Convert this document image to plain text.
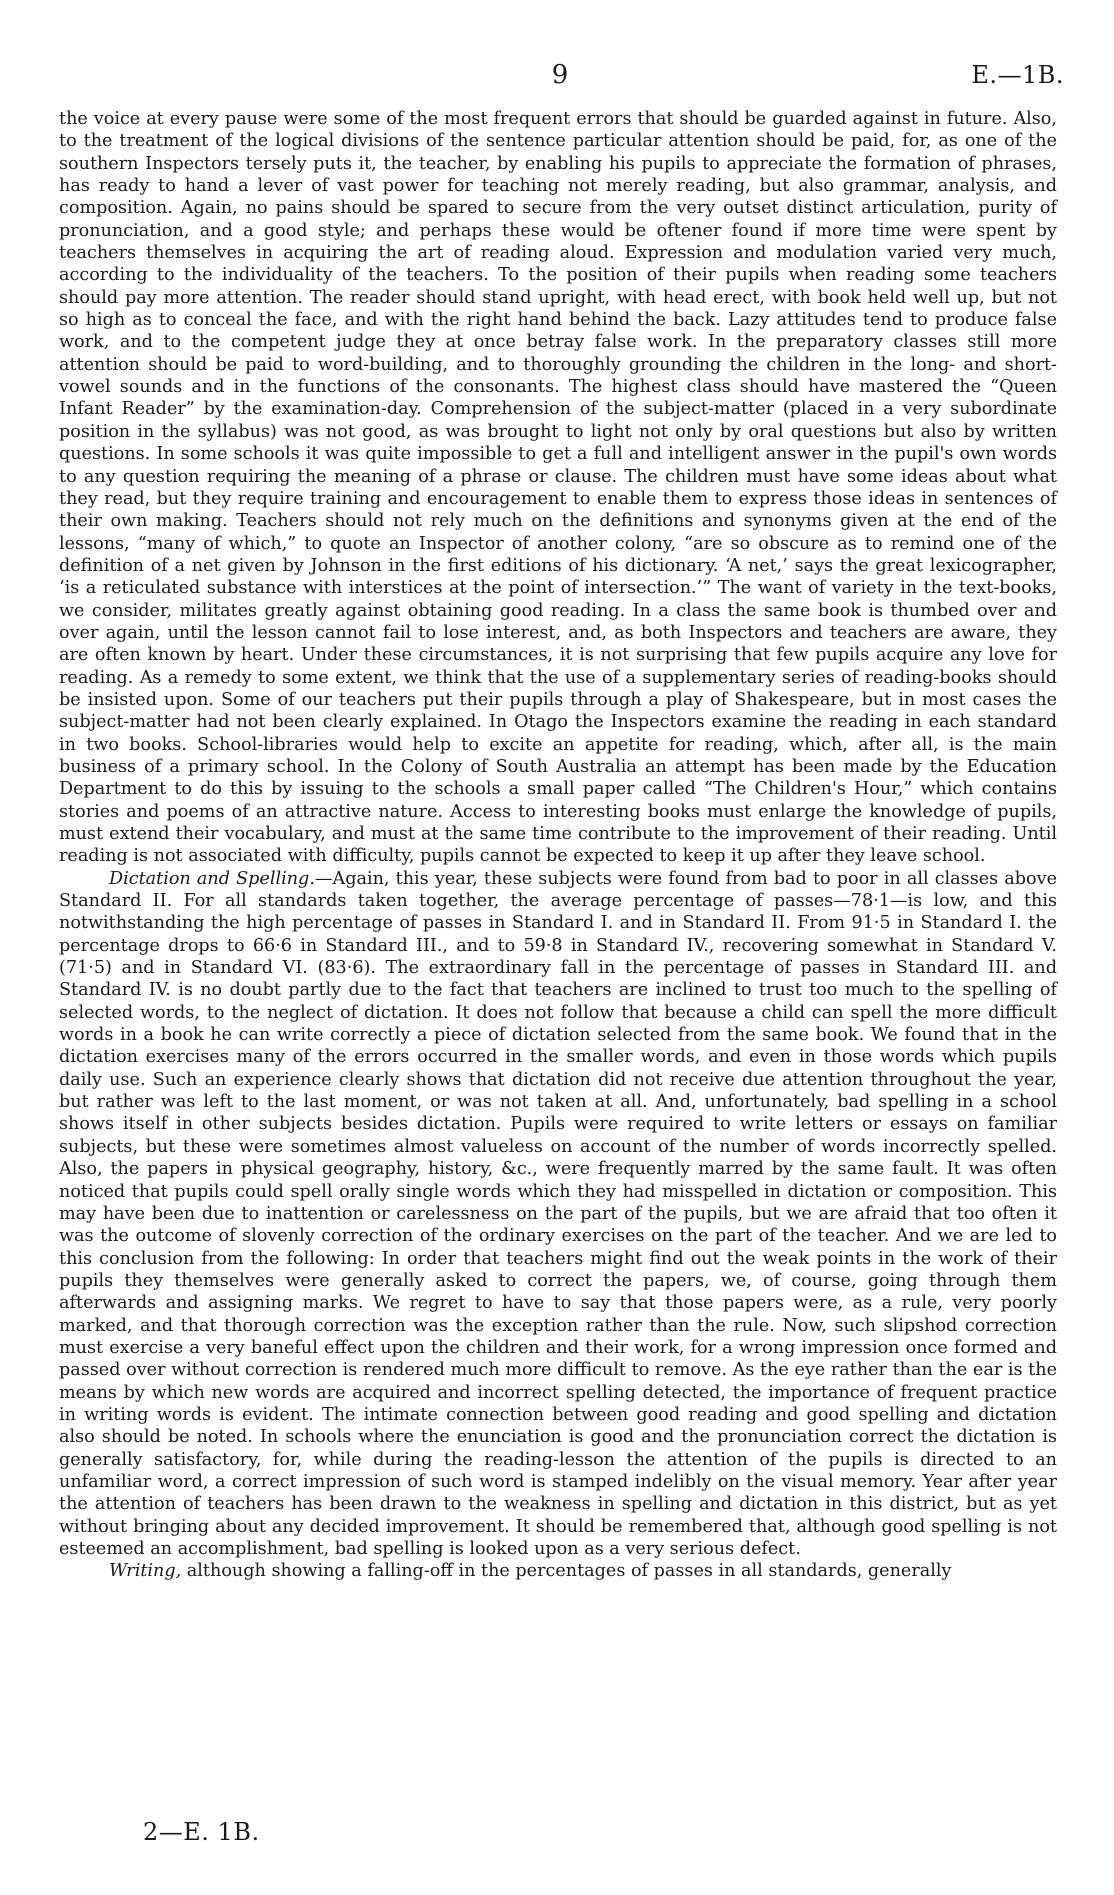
9	E.—1B.

the voice at every pause were some of the most frequent errors that should be guarded against in future. Also, to the treatment of the logical divisions of the sentence particular attention should be paid, for, as one of the southern Inspectors tersely puts it, the teacher, by enabling his pupils to appreciate the formation of phrases, has ready to hand a lever of vast power for teaching not merely reading, but also grammar, analysis, and composition. Again, no pains should be spared to secure from the very outset distinct articulation, purity of pronunciation, and a good style; and perhaps these would be oftener found if more time were spent by teachers themselves in acquiring the art of reading aloud. Expression and modulation varied very much, according to the individuality of the teachers. To the position of their pupils when reading some teachers should pay more attention. The reader should stand upright, with head erect, with book held well up, but not so high as to conceal the face, and with the right hand behind the back. Lazy attitudes tend to produce false work, and to the competent judge they at once betray false work. In the preparatory classes still more attention should be paid to word-building, and to thoroughly grounding the children in the long- and short-vowel sounds and in the functions of the consonants. The highest class should have mastered the “Queen Infant Reader” by the examination-day. Comprehension of the subject-matter (placed in a very subordinate position in the syllabus) was not good, as was brought to light not only by oral questions but also by written questions. In some schools it was quite impossible to get a full and intelligent answer in the pupil's own words to any question requiring the meaning of a phrase or clause. The children must have some ideas about what they read, but they require training and encouragement to enable them to express those ideas in sentences of their own making. Teachers should not rely much on the definitions and synonyms given at the end of the lessons, “many of which,” to quote an Inspector of another colony, “are so obscure as to remind one of the definition of a net given by Johnson in the first editions of his dictionary. ‘A net,’ says the great lexicographer, ‘is a reticulated substance with interstices at the point of intersection.’” The want of variety in the text-books, we consider, militates greatly against obtaining good reading. In a class the same book is thumbed over and over again, until the lesson cannot fail to lose interest, and, as both Inspectors and teachers are aware, they are often known by heart. Under these circumstances, it is not surprising that few pupils acquire any love for reading. As a remedy to some extent, we think that the use of a supplementary series of reading-books should be insisted upon. Some of our teachers put their pupils through a play of Shakespeare, but in most cases the subject-matter had not been clearly explained. In Otago the Inspectors examine the reading in each standard in two books. School-libraries would help to excite an appetite for reading, which, after all, is the main business of a primary school. In the Colony of South Australia an attempt has been made by the Education Department to do this by issuing to the schools a small paper called “The Children's Hour,” which contains stories and poems of an attractive nature. Access to interesting books must enlarge the knowledge of pupils, must extend their vocabulary, and must at the same time contribute to the improvement of their reading. Until reading is not associated with difficulty, pupils cannot be expected to keep it up after they leave school.

Dictation and Spelling.—Again, this year, these subjects were found from bad to poor in all classes above Standard II. For all standards taken together, the average percentage of passes—78·1—is low, and this notwithstanding the high percentage of passes in Standard I. and in Standard II. From 91·5 in Standard I. the percentage drops to 66·6 in Standard III., and to 59·8 in Standard IV., recovering somewhat in Standard V. (71·5) and in Standard VI. (83·6). The extraordinary fall in the percentage of passes in Standard III. and Standard IV. is no doubt partly due to the fact that teachers are inclined to trust too much to the spelling of selected words, to the neglect of dictation. It does not follow that because a child can spell the more difficult words in a book he can write correctly a piece of dictation selected from the same book. We found that in the dictation exercises many of the errors occurred in the smaller words, and even in those words which pupils daily use. Such an experience clearly shows that dictation did not receive due attention throughout the year, but rather was left to the last moment, or was not taken at all. And, unfortunately, bad spelling in a school shows itself in other subjects besides dictation. Pupils were required to write letters or essays on familiar subjects, but these were sometimes almost valueless on account of the number of words incorrectly spelled. Also, the papers in physical geography, history, &c., were frequently marred by the same fault. It was often noticed that pupils could spell orally single words which they had misspelled in dictation or composition. This may have been due to inattention or carelessness on the part of the pupils, but we are afraid that too often it was the outcome of slovenly correction of the ordinary exercises on the part of the teacher. And we are led to this conclusion from the following: In order that teachers might find out the weak points in the work of their pupils they themselves were generally asked to correct the papers, we, of course, going through them afterwards and assigning marks. We regret to have to say that those papers were, as a rule, very poorly marked, and that thorough correction was the exception rather than the rule. Now, such slipshod correction must exercise a very baneful effect upon the children and their work, for a wrong impression once formed and passed over without correction is rendered much more difficult to remove. As the eye rather than the ear is the means by which new words are acquired and incorrect spelling detected, the importance of frequent practice in writing words is evident. The intimate connection between good reading and good spelling and dictation also should be noted. In schools where the enunciation is good and the pronunciation correct the dictation is generally satisfactory, for, while during the reading-lesson the attention of the pupils is directed to an unfamiliar word, a correct impression of such word is stamped indelibly on the visual memory. Year after year the attention of teachers has been drawn to the weakness in spelling and dictation in this district, but as yet without bringing about any decided improvement. It should be remembered that, although good spelling is not esteemed an accomplishment, bad spelling is looked upon as a very serious defect.

Writing, although showing a falling-off in the percentages of passes in all standards, generally

2—E. 1B.
